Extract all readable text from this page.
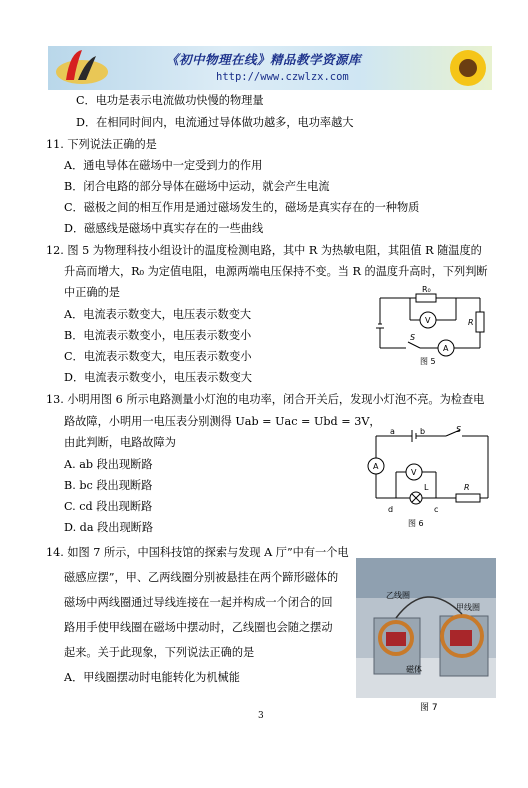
《初中物理在线》精品教学资源库
http://www.czwlzx.com
C．电功是表示电流做功快慢的物理量
D．在相同时间内，电流通过导体做功越多，电功率越大
11. 下列说法正确的是
A．通电导体在磁场中一定受到力的作用
B．闭合电路的部分导体在磁场中运动，就会产生电流
C．磁极之间的相互作用是通过磁场发生的，磁场是真实存在的一种物质
D．磁感线是磁场中真实存在的一些曲线
12. 图 5 为物理科技小组设计的温度检测电路，其中 R 为热敏电阻，其阻值 R 随温度的
升高而增大，R₀ 为定值电阻，电源两端电压保持不变。当 R 的温度升高时，下列判断
中正确的是
A．电流表示数变大，电压表示数变大
B．电流表示数变小，电压表示数变小
C．电流表示数变大，电压表示数变小
D．电流表示数变小，电压表示数变大
13. 小明用图 6 所示电路测量小灯泡的电功率，闭合开关后，发现小灯泡不亮。为检查电
路故障，小明用一电压表分别测得 Uab = Uac = Ubd = 3V，
由此判断，电路故障为
A. ab 段出现断路
B. bc 段出现断路
C. cd 段出现断路
D. da 段出现断路
14. 如图 7 所示，中国科技馆的探索与发现 A 厅”中有一个电
磁感应摆”，甲、乙两线圈分别被悬挂在两个蹄形磁体的
磁场中两线圈通过导线连接在一起并构成一个闭合的回
路用手使甲线圈在磁场中摆动时，乙线圈也会随之摆动
起来。关于此现象，下列说法正确的是
A．甲线圈摆动时电能转化为机械能
R₀
R
V
A
S
图 5
a	b	S
A
V
L	R
d	c
图 6
乙线圈
甲线圈
磁体
图 7
3
